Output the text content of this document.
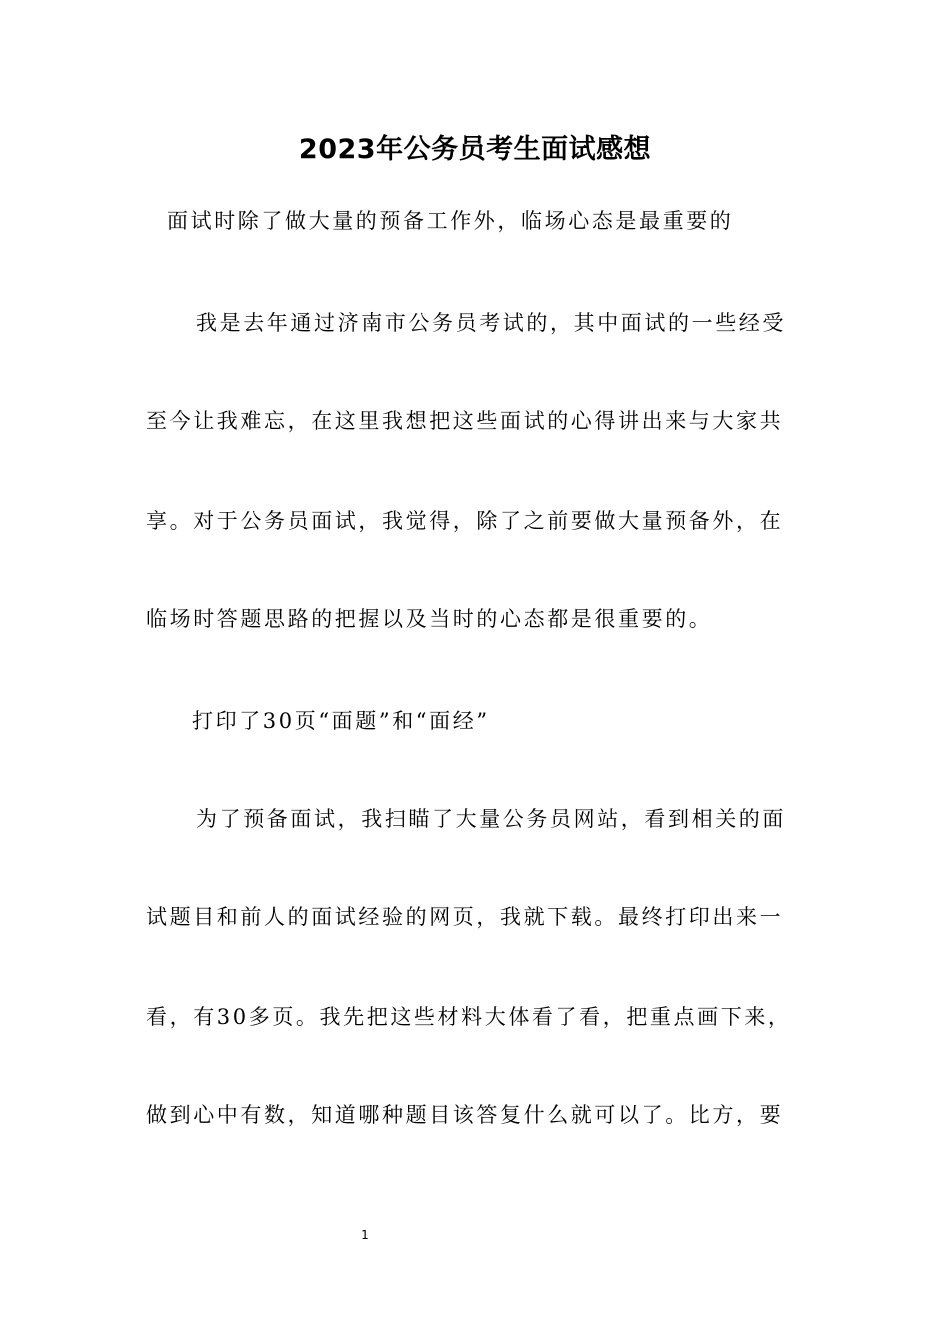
2023年公务员考生面试感想
面试时除了做大量的预备工作外，临场心态是最重要的
我是去年通过济南市公务员考试的，其中面试的一些经受
至今让我难忘，在这里我想把这些面试的心得讲出来与大家共
享。对于公务员面试，我觉得，除了之前要做大量预备外，在
临场时答题思路的把握以及当时的心态都是很重要的。
打印了30页“面题”和“面经”
为了预备面试，我扫瞄了大量公务员网站，看到相关的面
试题目和前人的面试经验的网页，我就下载。最终打印出来一
看，有30多页。我先把这些材料大体看了看，把重点画下来，
做到心中有数，知道哪种题目该答复什么就可以了。比方，要
1
